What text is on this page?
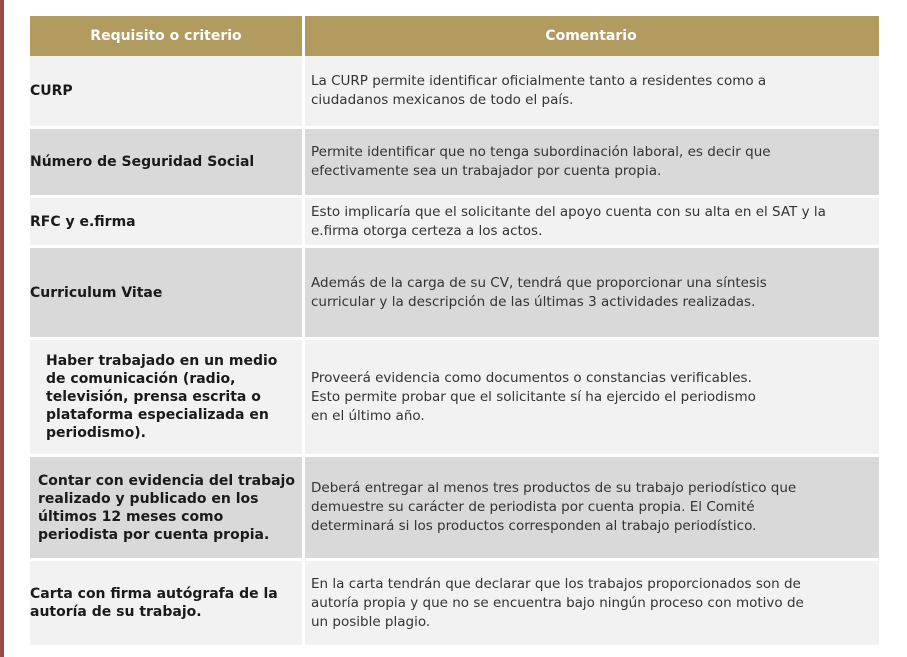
Requisito o criterio	Comentario
CURP
La CURP permite identificar oficialmente tanto a residentes como a
ciudadanos mexicanos de todo el país.
Número de Seguridad Social
Permite identificar que no tenga subordinación laboral, es decir que
efectivamente sea un trabajador por cuenta propia.
RFC y e.firma
Esto implicaría que el solicitante del apoyo cuenta con su alta en el SAT y la
e.firma otorga certeza a los actos.
Curriculum Vitae
Además de la carga de su CV, tendrá que proporcionar una síntesis
curricular y la descripción de las últimas 3 actividades realizadas.
Haber trabajado en un medio
de comunicación (radio,
televisión, prensa escrita o
plataforma especializada en
periodismo).
Proveerá evidencia como documentos o constancias verificables.
Esto permite probar que el solicitante sí ha ejercido el periodismo
en el último año.
Contar con evidencia del trabajo
realizado y publicado en los
últimos 12 meses como
periodista por cuenta propia.
Deberá entregar al menos tres productos de su trabajo periodístico que
demuestre su carácter de periodista por cuenta propia. El Comité
determinará si los productos corresponden al trabajo periodístico.
Carta con firma autógrafa de la
autoría de su trabajo.
En la carta tendrán que declarar que los trabajos proporcionados son de
autoría propia y que no se encuentra bajo ningún proceso con motivo de
un posible plagio.
